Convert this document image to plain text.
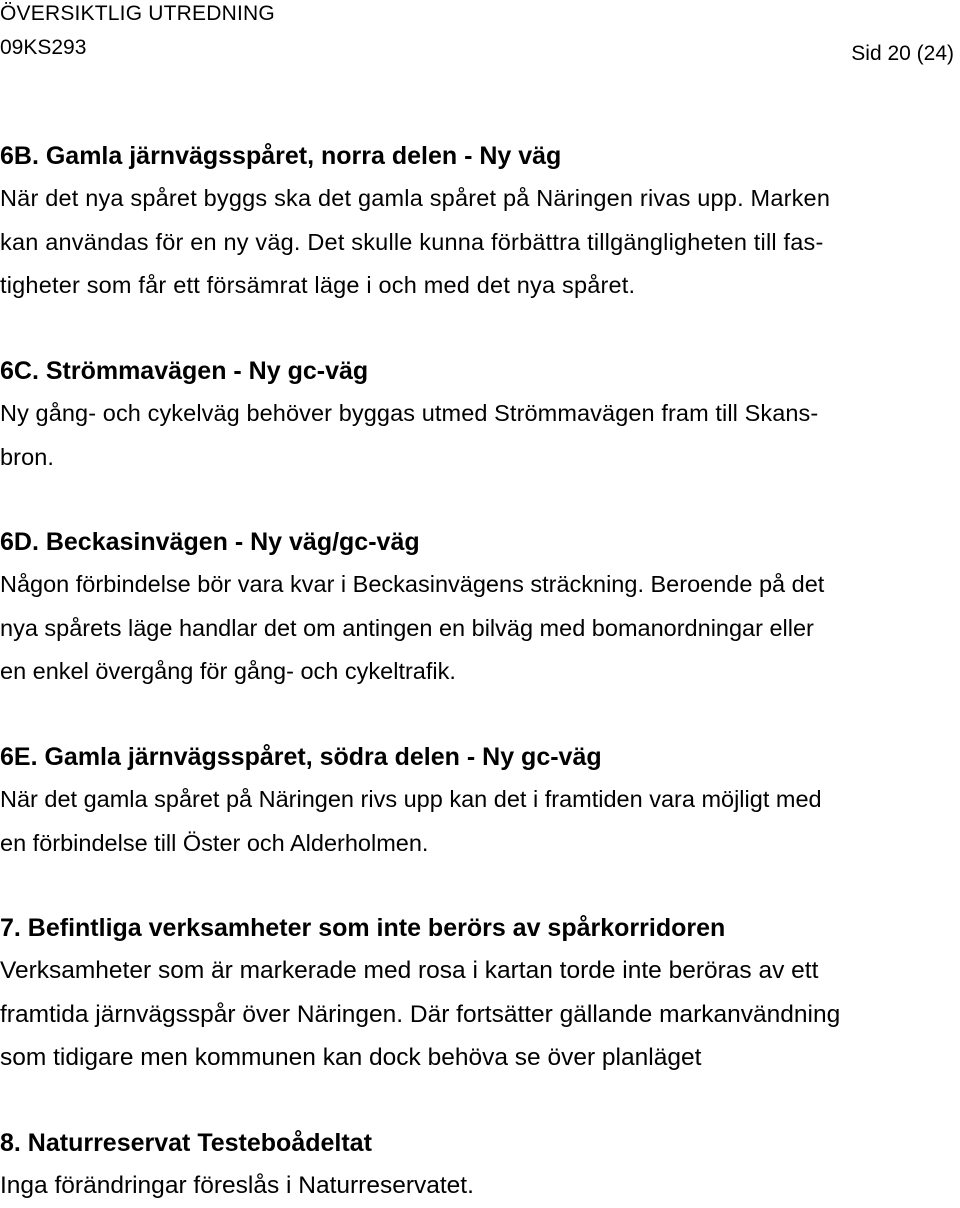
ÖVERSIKTLIG UTREDNING
09KS293	Sid 20 (24)
6B. Gamla järnvägsspåret, norra delen - Ny väg
När det nya spåret byggs ska det gamla spåret på Näringen rivas upp. Marken
kan användas för en ny väg. Det skulle kunna förbättra tillgängligheten till fas-
tigheter som får ett försämrat läge i och med det nya spåret.
6C. Strömmavägen - Ny gc-väg
Ny gång- och cykelväg behöver byggas utmed Strömmavägen fram till Skans-
bron.
6D. Beckasinvägen - Ny väg/gc-väg
Någon förbindelse bör vara kvar i Beckasinvägens sträckning. Beroende på det
nya spårets läge handlar det om antingen en bilväg med bomanordningar eller
en enkel övergång för gång- och cykeltrafik.
6E. Gamla järnvägsspåret, södra delen - Ny gc-väg
När det gamla spåret på Näringen rivs upp kan det i framtiden vara möjligt med
en förbindelse till Öster och Alderholmen.
7. Befintliga verksamheter som inte berörs av spårkorridoren
Verksamheter som är markerade med rosa i kartan torde inte beröras av ett
framtida järnvägsspår över Näringen. Där fortsätter gällande markanvändning
som tidigare men kommunen kan dock behöva se över planläget
8. Naturreservat Testeboådeltat
Inga förändringar föreslås i Naturreservatet.
